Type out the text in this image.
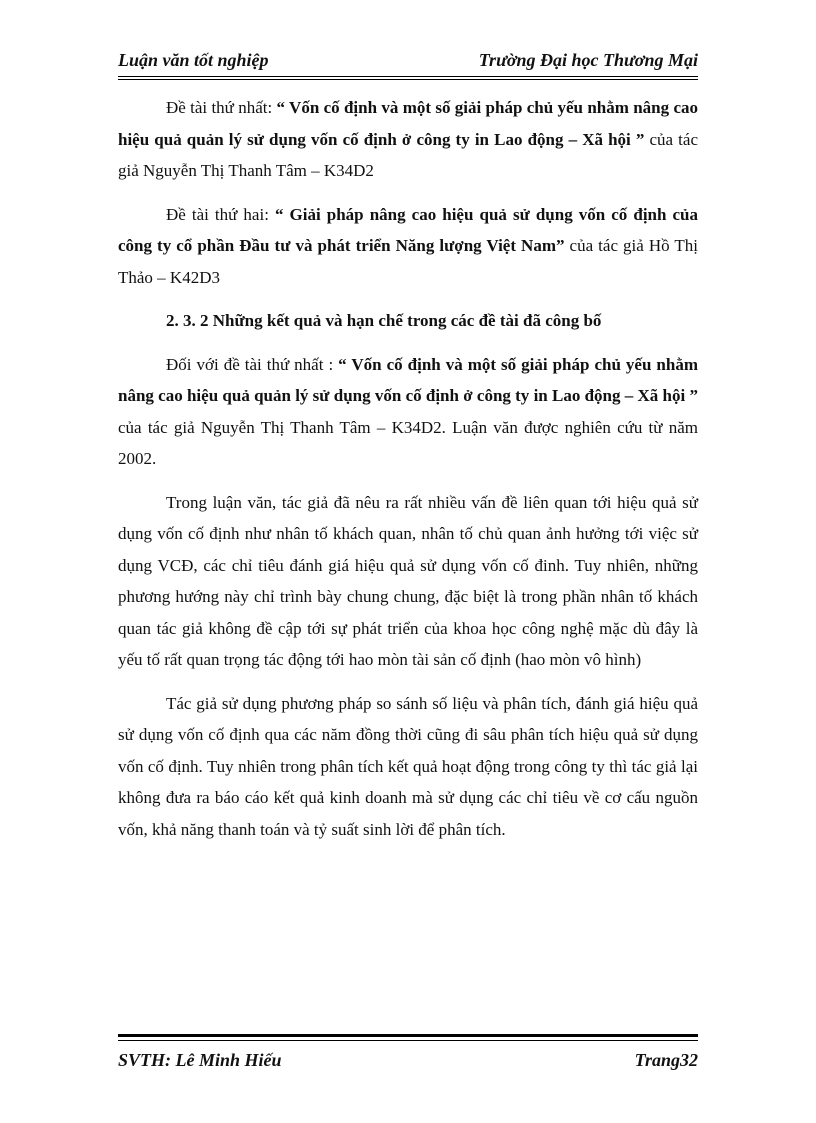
Luận văn tốt nghiệp	Trường Đại học Thương Mại

Đề tài thứ nhất: “ Vốn cố định và một số giải pháp chủ yếu nhằm nâng cao hiệu quả quản lý sử dụng vốn cố định ở công ty in Lao động – Xã hội ” của tác giả Nguyễn Thị Thanh Tâm – K34D2

Đề tài thứ hai: “ Giải pháp nâng cao hiệu quả sử dụng vốn cố định của công ty cổ phần Đầu tư và phát triển Năng lượng Việt Nam” của tác giả Hồ Thị Thảo – K42D3

2. 3. 2 Những kết quả và hạn chế trong các đề tài đã công bố

Đối với đề tài thứ nhất : “ Vốn cố định và một số giải pháp chủ yếu nhằm nâng cao hiệu quả quản lý sử dụng vốn cố định ở công ty in Lao động – Xã hội ” của tác giả Nguyễn Thị Thanh Tâm – K34D2. Luận văn được nghiên cứu từ năm 2002.

Trong luận văn, tác giả đã nêu ra rất nhiều vấn đề liên quan tới hiệu quả sử dụng vốn cố định như nhân tố khách quan, nhân tố chủ quan ảnh hưởng tới việc sử dụng VCĐ, các chỉ tiêu đánh giá hiệu quả sử dụng vốn cố đinh. Tuy nhiên, những phương hướng này chỉ trình bày chung chung, đặc biệt là trong phần nhân tố khách quan tác giả không đề cập tới sự phát triển của khoa học công nghệ mặc dù đây là yếu tố rất quan trọng tác động tới hao mòn tài sản cố định (hao mòn vô hình)

Tác giả sử dụng phương pháp so sánh số liệu và phân tích, đánh giá hiệu quả sử dụng vốn cố định qua các năm đồng thời cũng đi sâu phân tích hiệu quả sử dụng vốn cố định. Tuy nhiên trong phân tích kết quả hoạt động trong công ty thì tác giả lại không đưa ra báo cáo kết quả kinh doanh mà sử dụng các chỉ tiêu về cơ cấu nguồn vốn, khả năng thanh toán và tỷ suất sinh lời để phân tích.

SVTH: Lê Minh Hiếu	Trang32
